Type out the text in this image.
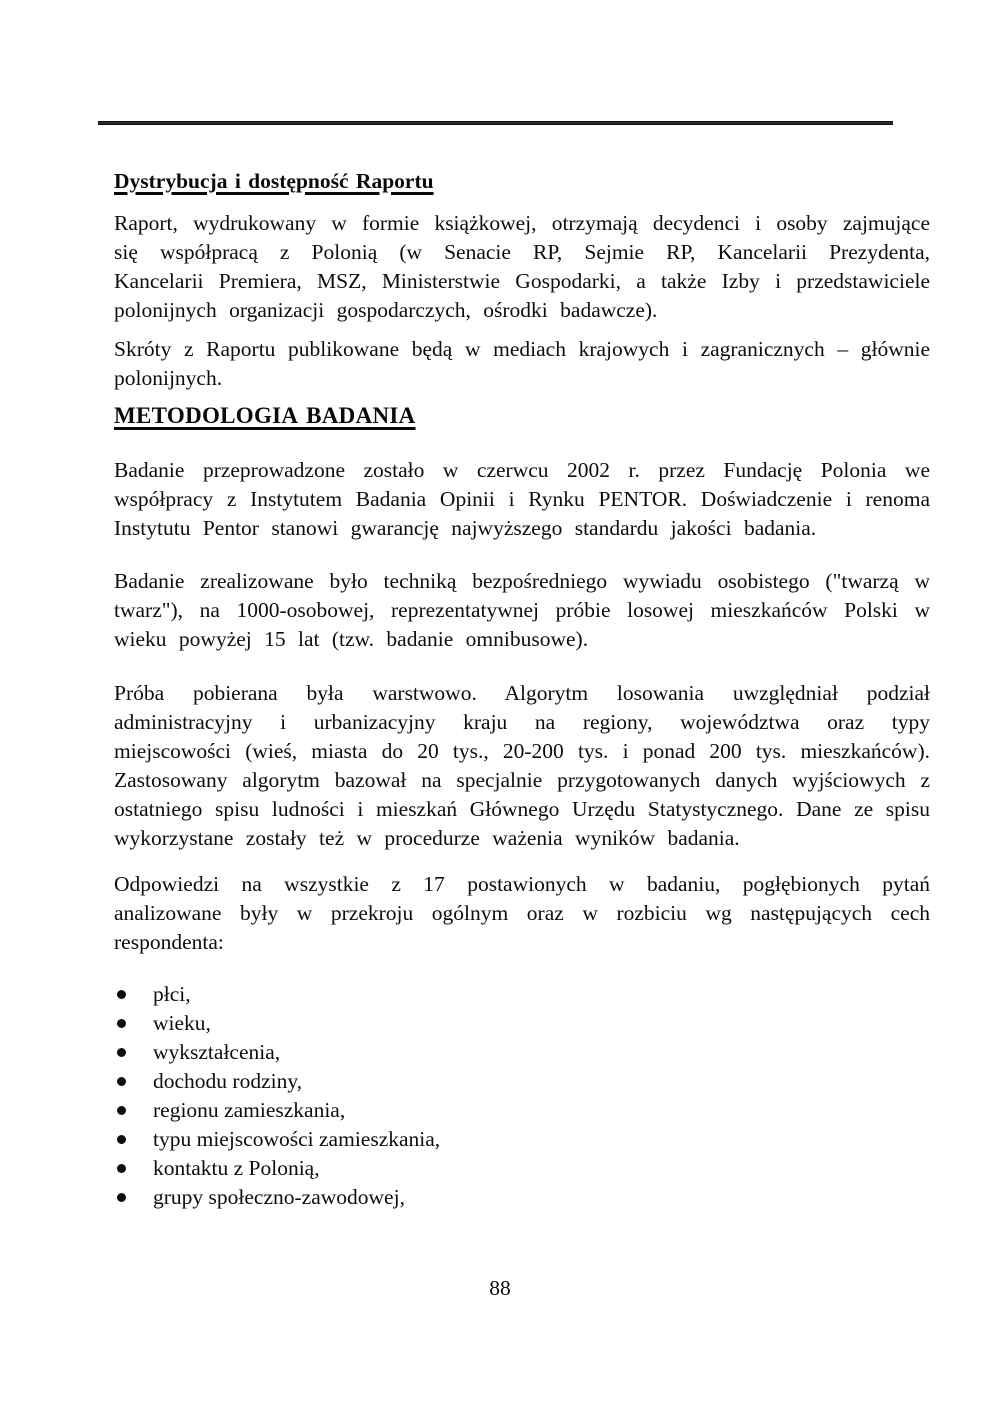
Dystrybucja i dostępność Raportu

Raport, wydrukowany w formie książkowej, otrzymają decydenci i osoby zajmujące się współpracą z Polonią (w Senacie RP, Sejmie RP, Kancelarii Prezydenta, Kancelarii Premiera, MSZ, Ministerstwie Gospodarki, a także Izby i przedstawiciele polonijnych organizacji gospodarczych, ośrodki badawcze).

Skróty z Raportu publikowane będą w mediach krajowych i zagranicznych – głównie polonijnych.

METODOLOGIA BADANIA

Badanie przeprowadzone zostało w czerwcu 2002 r. przez Fundację Polonia we współpracy z Instytutem Badania Opinii i Rynku PENTOR. Doświadczenie i renoma Instytutu Pentor stanowi gwarancję najwyższego standardu jakości badania.

Badanie zrealizowane było techniką bezpośredniego wywiadu osobistego ("twarzą w twarz"), na 1000-osobowej, reprezentatywnej próbie losowej mieszkańców Polski w wieku powyżej 15 lat (tzw. badanie omnibusowe).

Próba pobierana była warstwowo. Algorytm losowania uwzględniał podział administracyjny i urbanizacyjny kraju na regiony, województwa oraz typy miejscowości (wieś, miasta do 20 tys., 20-200 tys. i ponad 200 tys. mieszkańców). Zastosowany algorytm bazował na specjalnie przygotowanych danych wyjściowych z ostatniego spisu ludności i mieszkań Głównego Urzędu Statystycznego. Dane ze spisu wykorzystane zostały też w procedurze ważenia wyników badania.

Odpowiedzi na wszystkie z 17 postawionych w badaniu, pogłębionych pytań analizowane były w przekroju ogólnym oraz w rozbiciu wg następujących cech respondenta:

płci,
wieku,
wykształcenia,
dochodu rodziny,
regionu zamieszkania,
typu miejscowości zamieszkania,
kontaktu z Polonią,
grupy społeczno-zawodowej,
88
